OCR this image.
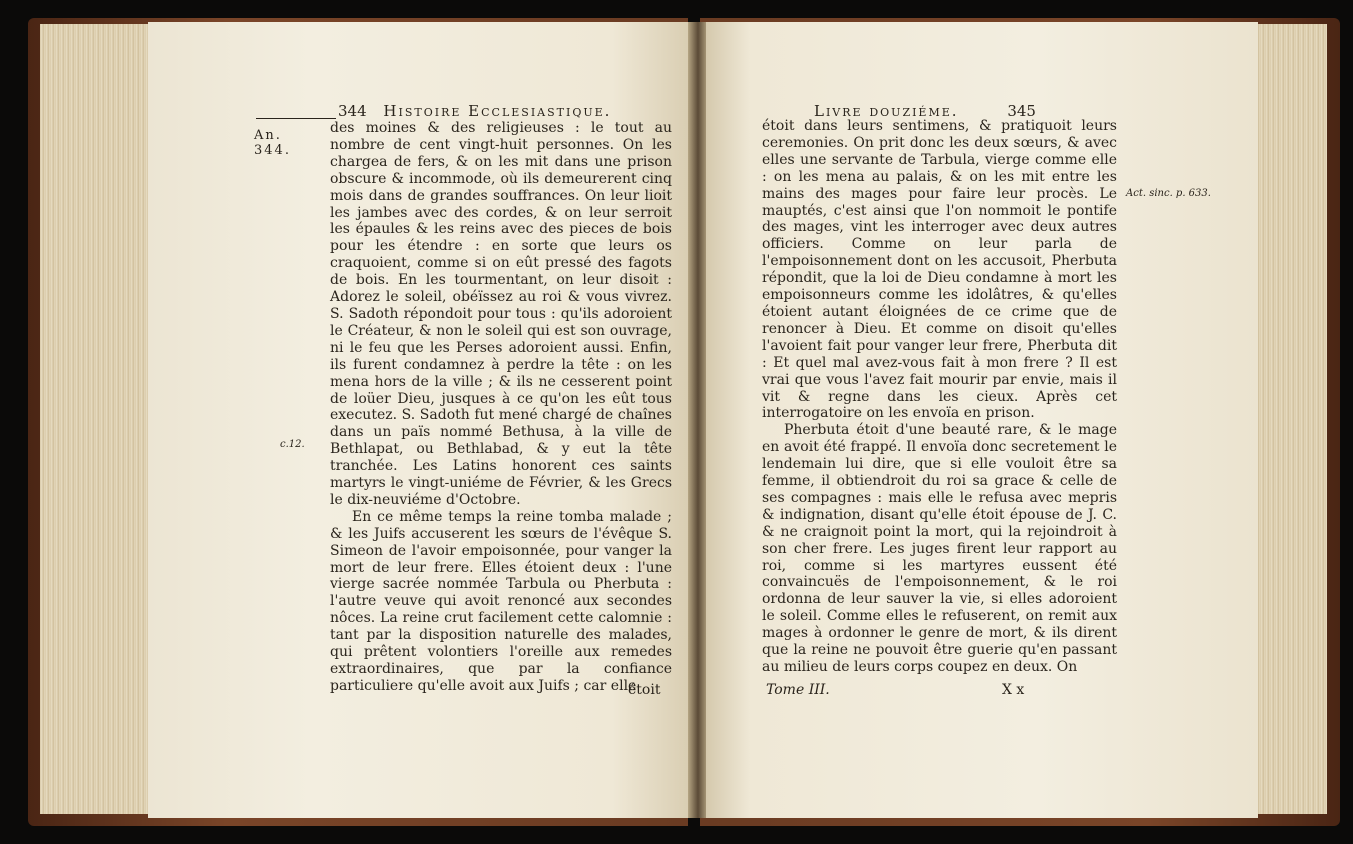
344 Histoire Ecclesiastique.
An. 344.
c.12.

des moines & des religieuses : le tout au nombre de cent vingt-huit personnes. On les chargea de fers, & on les mit dans une prison obscure & incommode, où ils demeurerent cinq mois dans de grandes souffrances. On leur lioit les jambes avec des cordes, & on leur serroit les épaules & les reins avec des pieces de bois pour les étendre : en sorte que leurs os craquoient, comme si on eût pressé des fagots de bois. En les tourmentant, on leur disoit : Adorez le soleil, obéïssez au roi & vous vivrez. S. Sadoth répondoit pour tous : qu'ils adoroient le Créateur, & non le soleil qui est son ouvrage, ni le feu que les Perses adoroient aussi. Enfin, ils furent condamnez à perdre la tête : on les mena hors de la ville ; & ils ne cesserent point de loüer Dieu, jusques à ce qu'on les eût tous executez. S. Sadoth fut mené chargé de chaînes dans un païs nommé Bethusa, à la ville de Bethlapat, ou Bethlabad, & y eut la tête tranchée. Les Latins honorent ces saints martyrs le vingt-uniéme de Février, & les Grecs le dix-neuviéme d'Octobre.

En ce même temps la reine tomba malade ; & les Juifs accuserent les sœurs de l'évêque S. Simeon de l'avoir empoisonnée, pour vanger la mort de leur frere. Elles étoient deux : l'une vierge sacrée nommée Tarbula ou Pherbuta : l'autre veuve qui avoit renoncé aux secondes nôces. La reine crut facilement cette calomnie : tant par la disposition naturelle des malades, qui prêtent volontiers l'oreille aux remedes extraordinaires, que par la confiance particuliere qu'elle avoit aux Juifs ; car elle

étoit
Livre douziéme.	345
Act. sinc. p. 633.

étoit dans leurs sentimens, & pratiquoit leurs ceremonies. On prit donc les deux sœurs, & avec elles une servante de Tarbula, vierge comme elle : on les mena au palais, & on les mit entre les mains des mages pour faire leur procès. Le mauptés, c'est ainsi que l'on nommoit le pontife des mages, vint les interroger avec deux autres officiers. Comme on leur parla de l'empoisonnement dont on les accusoit, Pherbuta répondit, que la loi de Dieu condamne à mort les empoisonneurs comme les idolâtres, & qu'elles étoient autant éloignées de ce crime que de renoncer à Dieu. Et comme on disoit qu'elles l'avoient fait pour vanger leur frere, Pherbuta dit : Et quel mal avez-vous fait à mon frere ? Il est vrai que vous l'avez fait mourir par envie, mais il vit & regne dans les cieux. Après cet interrogatoire on les envoïa en prison.

Pherbuta étoit d'une beauté rare, & le mage en avoit été frappé. Il envoïa donc secretement le lendemain lui dire, que si elle vouloit être sa femme, il obtiendroit du roi sa grace & celle de ses compagnes : mais elle le refusa avec mepris & indignation, disant qu'elle étoit épouse de J. C. & ne craignoit point la mort, qui la rejoindroit à son cher frere. Les juges firent leur rapport au roi, comme si les martyres eussent été convaincuës de l'empoisonnement, & le roi ordonna de leur sauver la vie, si elles adoroient le soleil. Comme elles le refuserent, on remit aux mages à ordonner le genre de mort, & ils dirent que la reine ne pouvoit être guerie qu'en passant au milieu de leurs corps coupez en deux. On

Tome III.	X x
